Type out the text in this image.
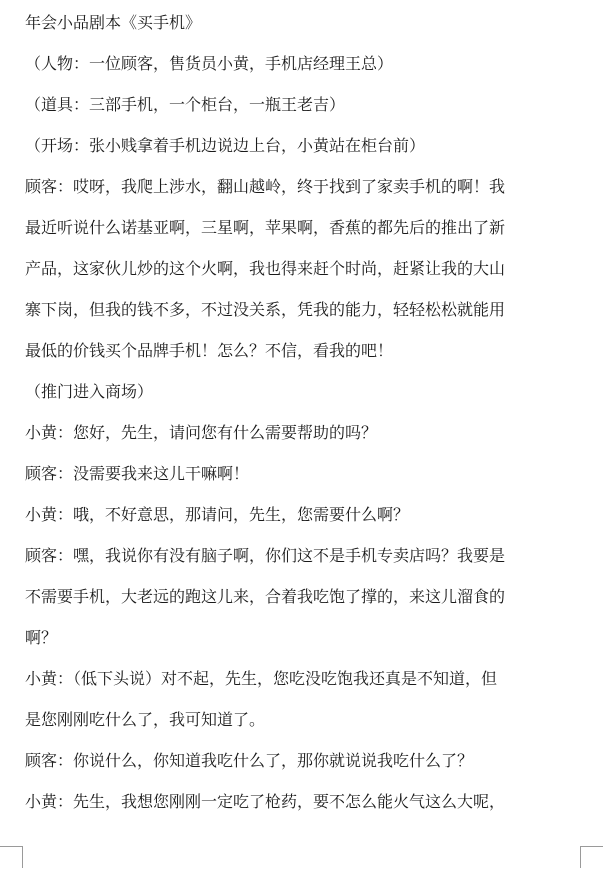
年会小品剧本《买手机》
（人物：一位顾客，售货员小黄，手机店经理王总）
（道具：三部手机，一个柜台，一瓶王老吉）
（开场：张小贱拿着手机边说边上台，小黄站在柜台前）
顾客：哎呀，我爬上涉水，翻山越岭，终于找到了家卖手机的啊！我
最近听说什么诺基亚啊，三星啊，苹果啊，香蕉的都先后的推出了新
产品，这家伙儿炒的这个火啊，我也得来赶个时尚，赶紧让我的大山
寨下岗，但我的钱不多，不过没关系，凭我的能力，轻轻松松就能用
最低的价钱买个品牌手机！怎么？不信，看我的吧！
（推门进入商场）
小黄：您好，先生，请问您有什么需要帮助的吗？
顾客：没需要我来这儿干嘛啊！
小黄：哦，不好意思，那请问，先生，您需要什么啊？
顾客：嘿，我说你有没有脑子啊，你们这不是手机专卖店吗？我要是
不需要手机，大老远的跑这儿来，合着我吃饱了撑的，来这儿溜食的
啊？
小黄：（低下头说）对不起，先生，您吃没吃饱我还真是不知道，但
是您刚刚吃什么了，我可知道了。
顾客：你说什么，你知道我吃什么了，那你就说说我吃什么了？
小黄：先生，我想您刚刚一定吃了枪药，要不怎么能火气这么大呢，
